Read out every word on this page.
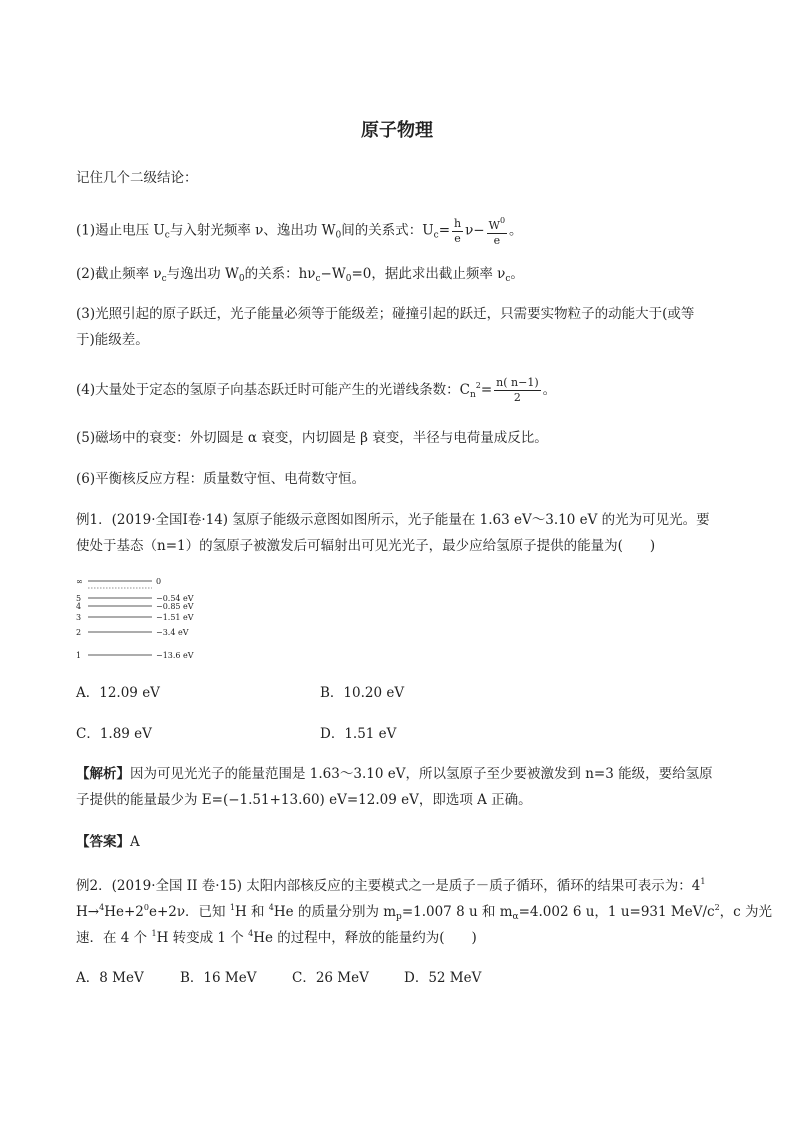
原子物理
记住几个二级结论：
(1)遏止电压 $U_c$与入射光频率 ν、逸出功 $W_0$间的关系式：$U_c= \frac{h}{e} \nu- \frac{W^0}{e}$ 。
(2)截止频率 $\nu_c$与逸出功 $W_0$的关系：$h\nu_c-W_0=0$，据此求出截止频率 $\nu_c$。
(3)光照引起的原子跃迁，光子能量必须等于能级差；碰撞引起的跃迁，只需要实物粒子的动能大于(或等
于)能级差。
(4)大量处于定态的氢原子向基态跃迁时可能产生的光谱线条数：$C_n^2= \frac{n( n-1)}{2}$ 。
(5)磁场中的衰变：外切圆是 α 衰变，内切圆是 β 衰变，半径与电荷量成反比。
(6)平衡核反应方程：质量数守恒、电荷数守恒。
例1．(2019·全国Ⅰ卷·14) 氢原子能级示意图如图所示，光子能量在 1.63 eV～3.10 eV 的光为可见光。要
使处于基态（n=1）的氢原子被激发后可辐射出可见光光子，最少应给氢原子提供的能量为(　　)
∞	0
5	−0.54 eV
4	−0.85 eV
3	−1.51 eV
2	−3.4 eV
1	−13.6 eV
A．12.09 eV	B．10.20 eV
C．1.89 eV	D．1.51 eV
【解析】因为可见光光子的能量范围是 1.63～3.10 eV，所以氢原子至少要被激发到 n=3 能级，要给氢原
子提供的能量最少为 E=(−1.51+13.60) eV=12.09 eV，即选项 A 正确。
【答案】A
例2．(2019·全国 II 卷·15) 太阳内部核反应的主要模式之一是质子－质子循环，循环的结果可表示为：$4^1$
$H\to^4He+2^0e+2\nu$．已知 $^1$H 和 $^4$He 的质量分别为 $m_p=1.007$ 8 u 和 $m_\alpha=4.002$ 6 u，1 u=931 MeV/$c^2$，c 为光
速．在 4 个 $^1$H 转变成 1 个 $^4$He 的过程中，释放的能量约为(　　)
A．8 MeV	B．16 MeV	C．26 MeV	D．52 MeV
